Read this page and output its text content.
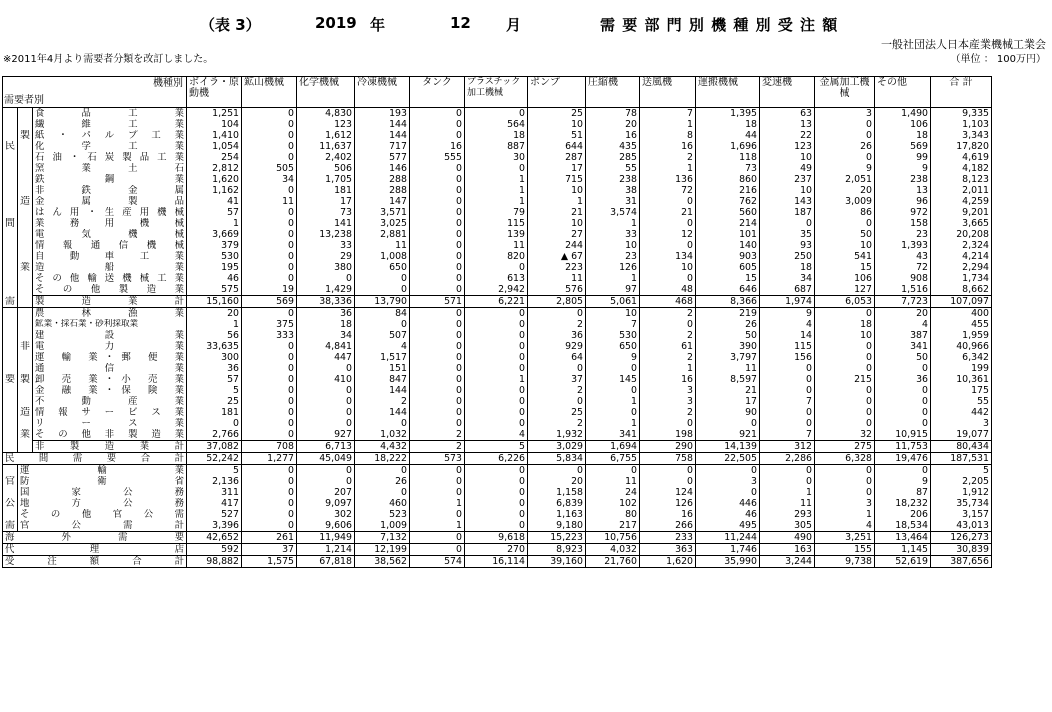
（表 3）	2019 年	12 月	需 要 部 門 別 機 種 別 受 注 額
一般社団法人日本産業機械工業会
※2011年4月より需要者分類を改訂しました。	（単位 ： 100万円）
機種別
需要者別			ボイラ・原動機	鉱山機械	化学機械	冷凍機械	タンク	プラスチック加工機械	ポンプ	圧縮機	送風機	運搬機械	変速機	金属加工機 械	その他	合 計
		食 品 工 業	1,251	0	4,830	193	0	0	25	78	7	1,395	63	3	1,490	9,335
		繊 維 工 業	104	0	123	144	0	564	10	20	1	18	13	0	106	1,103
	製	紙・パルプ工業	1,410	0	1,612	144	0	18	51	16	8	44	22	0	18	3,343
民		化 学 工 業	1,054	0	11,637	717	16	887	644	435	16	1,696	123	26	569	17,820
		石油・石炭製品工業	254	0	2,402	577	555	30	287	285	2	118	10	0	99	4,619
		窯 業 土 石	2,812	505	506	146	0	0	17	55	1	73	49	9	9	4,182
		鉄 鋼 業	1,620	34	1,705	288	0	1	715	238	136	860	237	2,051	238	8,123
		非 鉄 金 属	1,162	0	181	288	0	1	10	38	72	216	10	20	13	2,011
	造	金 属 製 品	41	11	17	147	0	1	1	31	0	762	143	3,009	96	4,259
		はん用・生産用機械	57	0	73	3,571	0	79	21	3,574	21	560	187	86	972	9,201
間		業 務 用 機 械	1	0	141	3,025	0	115	10	1	0	214	0	0	158	3,665
		電 気 機 械	3,669	0	13,238	2,881	0	139	27	33	12	101	35	50	23	20,208
		情 報 通 信 機 械	379	0	33	11	0	11	244	10	0	140	93	10	1,393	2,324
		自 動 車 工 業	530	0	29	1,008	0	820	▲ 67	23	134	903	250	541	43	4,214
	業	造 船 業	195	0	380	650	0	0	223	126	10	605	18	15	72	2,294
		その他輸送機械工業	46	0	0	0	0	613	11	1	0	15	34	106	908	1,734
		そ の 他 製 造 業	575	19	1,429	0	0	2,942	576	97	48	646	687	127	1,516	8,662
需		製 造 業 計	15,160	569	38,336	13,790	571	6,221	2,805	5,061	468	8,366	1,974	6,053	7,723	107,097
		農 林 漁 業	20	0	36	84	0	0	0	10	2	219	9	0	20	400
		鉱業・採石業・砂利採取業	1	375	18	0	0	0	2	7	0	26	4	18	4	455
		建 設 業	56	333	34	507	0	0	36	530	2	50	14	10	387	1,959
	非	電 力 業	33,635	0	4,841	4	0	0	929	650	61	390	115	0	341	40,966
		運 輸 業・郵 便 業	300	0	447	1,517	0	0	64	9	2	3,797	156	0	50	6,342
		通 信 業	36	0	0	151	0	0	0	0	1	11	0	0	0	199
要	製	卸 売 業・小 売 業	57	0	410	847	0	1	37	145	16	8,597	0	215	36	10,361
		金 融 業・保 険 業	5	0	0	144	0	0	2	0	3	21	0	0	0	175
		不 動 産 業	25	0	0	2	0	0	0	1	3	17	7	0	0	55
	造	情 報 サ ー ビ ス 業	181	0	0	144	0	0	25	0	2	90	0	0	0	442
		リ ー ス 業	0	0	0	0	0	0	2	1	0	0	0	0	0	3
	業	そ の 他 非 製 造 業	2,766	0	927	1,032	2	4	1,932	341	198	921	7	32	10,915	19,077
		非 製 造 業 計	37,082	708	6,713	4,432	2	5	3,029	1,694	290	14,139	312	275	11,753	80,434
民 間 需 要 合 計			52,242	1,277	45,049	18,222	573	6,226	5,834	6,755	758	22,505	2,286	6,328	19,476	187,531
	運 輸 業		5	0	0	0	0	0	0	0	0	0	0	0	0	5
官	防 衛 省		2,136	0	0	26	0	0	20	11	0	3	0	0	9	2,205
	国 家 公 務		311	0	207	0	0	0	1,158	24	124	0	1	0	87	1,912
公	地 方 公 務		417	0	9,097	460	1	0	6,839	102	126	446	11	3	18,232	35,734
	そ の 他 官 公 需		527	0	302	523	0	0	1,163	80	16	46	293	1	206	3,157
需	官 公 需 計		3,396	0	9,606	1,009	1	0	9,180	217	266	495	305	4	18,534	43,013
海 外 需 要			42,652	261	11,949	7,132	0	9,618	15,223	10,756	233	11,244	490	3,251	13,464	126,273
代 理 店			592	37	1,214	12,199	0	270	8,923	4,032	363	1,746	163	155	1,145	30,839
受 注 額 合 計			98,882	1,575	67,818	38,562	574	16,114	39,160	21,760	1,620	35,990	3,244	9,738	52,619	387,656
